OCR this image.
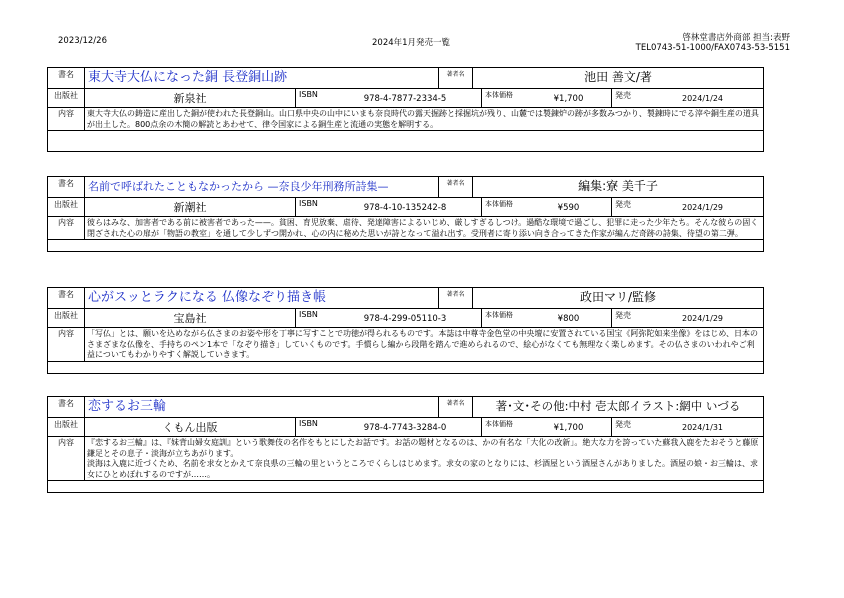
2023/12/26	2024年1月発売一覧	啓林堂書店外商部 担当:表野
TEL0743-51-1000/FAX0743-53-5151
書名	東大寺大仏になった銅 長登銅山跡	著者名	池田 善文/著
出版社	新泉社	ISBN	978-4-7877-2334-5	本体価格	¥1,700	発売	2024/1/24
内容	東大寺大仏の鋳造に産出した銅が使われた長登銅山。山口県中央の山中にいまも奈良時代の露天掘跡と採掘坑が残り、山麓では製錬炉の跡が多数みつかり、製錬時にでる滓や銅生産の道具が出土した。800点余の木簡の解読とあわせて、律令国家による銅生産と流通の実態を解明する。

書名	名前で呼ばれたこともなかったから —奈良少年刑務所詩集—	著者名	編集:寮 美千子
出版社	新潮社	ISBN	978-4-10-135242-8	本体価格	¥590	発売	2024/1/29
内容	彼らはみな、加害者である前に被害者であった——。貧困、育児放棄、虐待、発達障害によるいじめ、厳しすぎるしつけ。過酷な環境で過ごし、犯罪に走った少年たち。そんな彼らの固く閉ざされた心の扉が「物語の教室」を通して少しずつ開かれ、心の内に秘めた思いが詩となって溢れ出す。受刑者に寄り添い向き合ってきた作家が編んだ奇跡の詩集、待望の第二弾。

書名	心がスッとラクになる 仏像なぞり描き帳	著者名	政田マリ/監修
出版社	宝島社	ISBN	978-4-299-05110-3	本体価格	¥800	発売	2024/1/29
内容	「写仏」とは、願いを込めながら仏さまのお姿や形を丁寧に写すことで功徳が得られるものです。本誌は中尊寺金色堂の中央壇に安置されている国宝《阿弥陀如来坐像》をはじめ、日本のさまざまな仏像を、手持ちのペン1本で「なぞり描き」していくものです。手慣らし編から段階を踏んで進められるので、絵心がなくても無理なく楽しめます。その仏さまのいわれやご利益についてもわかりやすく解説していきます。

書名	恋するお三輪	著者名	著･文･その他:中村 壱太郎イラスト:網中 いづる
出版社	くもん出版	ISBN	978-4-7743-3284-0	本体価格	¥1,700	発売	2024/1/31
内容	『恋するお三輪』は、『妹背山婦女庭訓』という歌舞伎の名作をもとにしたお話です。お話の題材となるのは、かの有名な「大化の改新」。絶大な力を誇っていた蘇我入鹿をたおそうと藤原鎌足とその息子・淡海が立ちあがります。

淡海は入鹿に近づくため、名前を求女とかえて奈良県の三輪の里というところでくらしはじめます。求女の家のとなりには、杉酒屋という酒屋さんがありました。酒屋の娘・お三輪は、求女にひとめぼれするのですが……。
